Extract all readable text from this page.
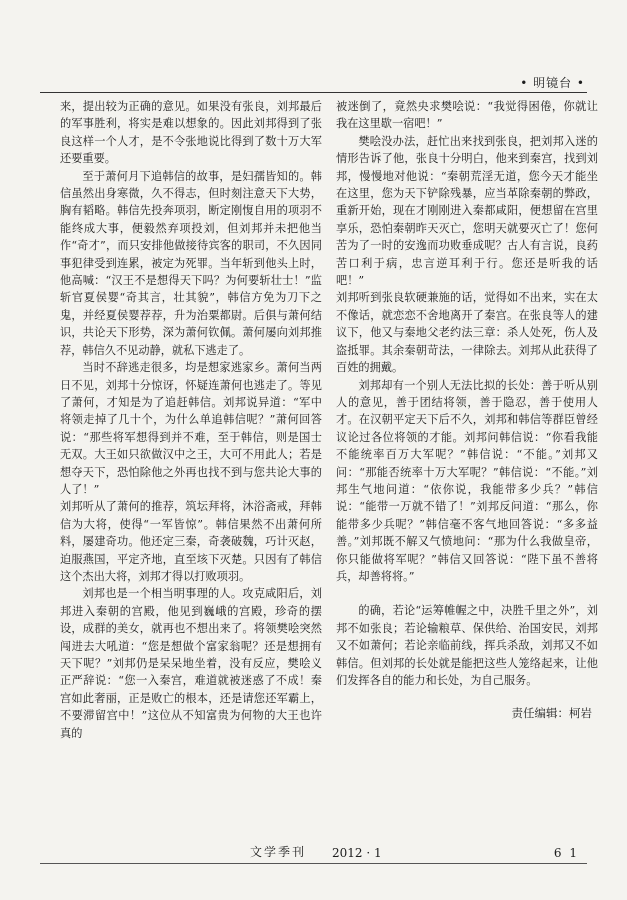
• 明镜台 •

来，提出较为正确的意见。如果没有张良，刘邦最后的军事胜利，将实是难以想象的。因此刘邦得到了张良这样一个人才，是不令张地说比得到了数十万大军还要重要。

至于萧何月下追韩信的故事，是妇孺皆知的。韩信虽然出身寒微，久不得志，但时刻注意天下大势，胸有韬略。韩信先投奔项羽，断定刚愎自用的项羽不能终成大事，便毅然弃项投刘，但刘邦并未把他当作“奇才”，而只安排他做接待宾客的职司，不久因同事犯律受到连累，被定为死罪。当年斩到他头上时，他高喊：“汉王不是想得天下吗？为何要斩壮士！”监斩官夏侯婴“奇其言，壮其貌”，韩信方免为刀下之鬼，并经夏侯婴荐荐，升为治粟都尉。后俱与萧何结识，共论天下形势，深为萧何钦佩。萧何屡向刘邦推荐，韩信久不见动静，就私下逃走了。

当时不辞逃走很多，均是想家逃家乡。萧何当两日不见，刘邦十分惊讶，怀疑连萧何也逃走了。等见了萧何，才知是为了追赶韩信。刘邦说异道：“军中将领走掉了几十个，为什么单追韩信呢？”萧何回答说：“那些将军想得到并不难，至于韩信，则是国士无双。大王如只欲做汉中之王，大可不用此人；若是想夺天下，恐怕除他之外再也找不到与您共论大事的人了！”

刘邦听从了萧何的推荐，筑坛拜将，沐浴斋戒，拜韩信为大将，使得“一军皆惊”。韩信果然不出萧何所料，屡建奇功。他还定三秦，奇袭破魏，巧计灭赵，迫服燕国，平定齐地，直至垓下灭楚。只因有了韩信这个杰出大将，刘邦才得以打败项羽。

刘邦也是一个相当明事理的人。攻克咸阳后，刘邦进入秦朝的宫殿，他见到巍峨的宫殿，珍奇的摆设，成群的美女，就再也不想出来了。将领樊哙突然闯进去大吼道：“您是想做个富家翁呢？还是想拥有天下呢？”刘邦仍是呆呆地坐着，没有反应，樊哙义正严辞说：“您一入秦宫，难道就被迷惑了不成！秦宫如此奢丽，正是败亡的根本，还是请您还军霸上，不要滞留宫中！”这位从不知富贵为何物的大王也许真的

被迷倒了，竟然央求樊哙说：“我觉得困倦，你就让我在这里歇一宿吧！”

樊哙没办法，赶忙出来找到张良，把刘邦入迷的情形告诉了他，张良十分明白，他来到秦宫，找到刘邦，慢慢地对他说：“秦朝荒淫无道，您今天才能坐在这里，您为天下铲除残暴，应当革除秦朝的弊政，重新开始，现在才刚刚进入秦都咸阳，便想留在宫里享乐，恐怕秦朝昨天灭亡，您明天就要灭亡了！您何苦为了一时的安逸而功败垂成呢？古人有言说，良药苦口利于病，忠言逆耳利于行。您还是听我的话吧！”

刘邦听到张良软硬兼施的话，觉得如不出来，实在太不像话，就恋恋不舍地离开了秦宫。在张良等人的建议下，他又与秦地父老约法三章：杀人处死，伤人及盗抵罪。其余秦朝苛法，一律除去。刘邦从此获得了百姓的拥戴。

刘邦却有一个别人无法比拟的长处：善于听从别人的意见，善于团结将领，善于隐忍，善于使用人才。在汉朝平定天下后不久，刘邦和韩信等群臣曾经议论过各位将领的才能。刘邦问韩信说：“你看我能不能统率百万大军呢？”韩信说：“不能。”刘邦又问：“那能否统率十万大军呢？”韩信说：“不能。”刘邦生气地问道：“依你说，我能带多少兵？”韩信说：“能带一万就不错了！”刘邦反问道：“那么，你能带多少兵呢？”韩信毫不客气地回答说：“多多益善。”刘邦既不解又气愤地问：“那为什么我做皇帝，你只能做将军呢？”韩信又回答说：“陛下虽不善将兵，却善将将。”

的确，若论“运筹帷幄之中，决胜千里之外”，刘邦不如张良；若论输粮草、保供给、治国安民，刘邦又不如萧何；若论亲临前线，挥兵杀敌，刘邦又不如韩信。但刘邦的长处就是能把这些人笼络起来，让他们发挥各自的能力和长处，为自己服务。

责任编辑：柯岩
文学季刊 2012 · 1	6 1
